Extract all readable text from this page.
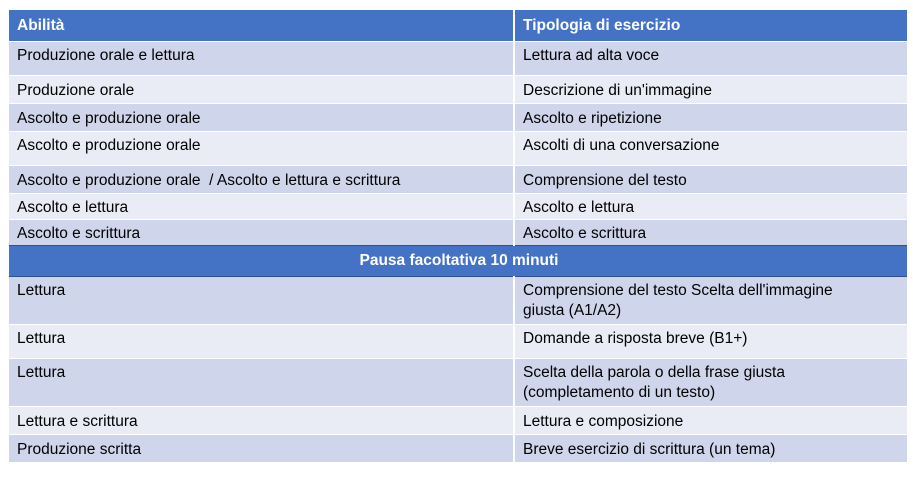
Abilità	Tipologia di esercizio
Produzione orale e lettura	Lettura ad alta voce
Produzione orale	Descrizione di un'immagine
Ascolto e produzione orale	Ascolto e ripetizione
Ascolto e produzione orale	Ascolti di una conversazione
Ascolto e produzione orale  / Ascolto e lettura e scrittura	Comprensione del testo
Ascolto e lettura	Ascolto e lettura
Ascolto e scrittura	Ascolto e scrittura
Pausa facoltativa 10 minuti	
Lettura	Comprensione del testo Scelta dell'immagine
giusta (A1/A2)

Lettura	Domande a risposta breve (B1+)
Lettura	Scelta della parola o della frase giusta
(completamento di un testo)

Lettura e scrittura	Lettura e composizione
Produzione scritta	Breve esercizio di scrittura (un tema)
